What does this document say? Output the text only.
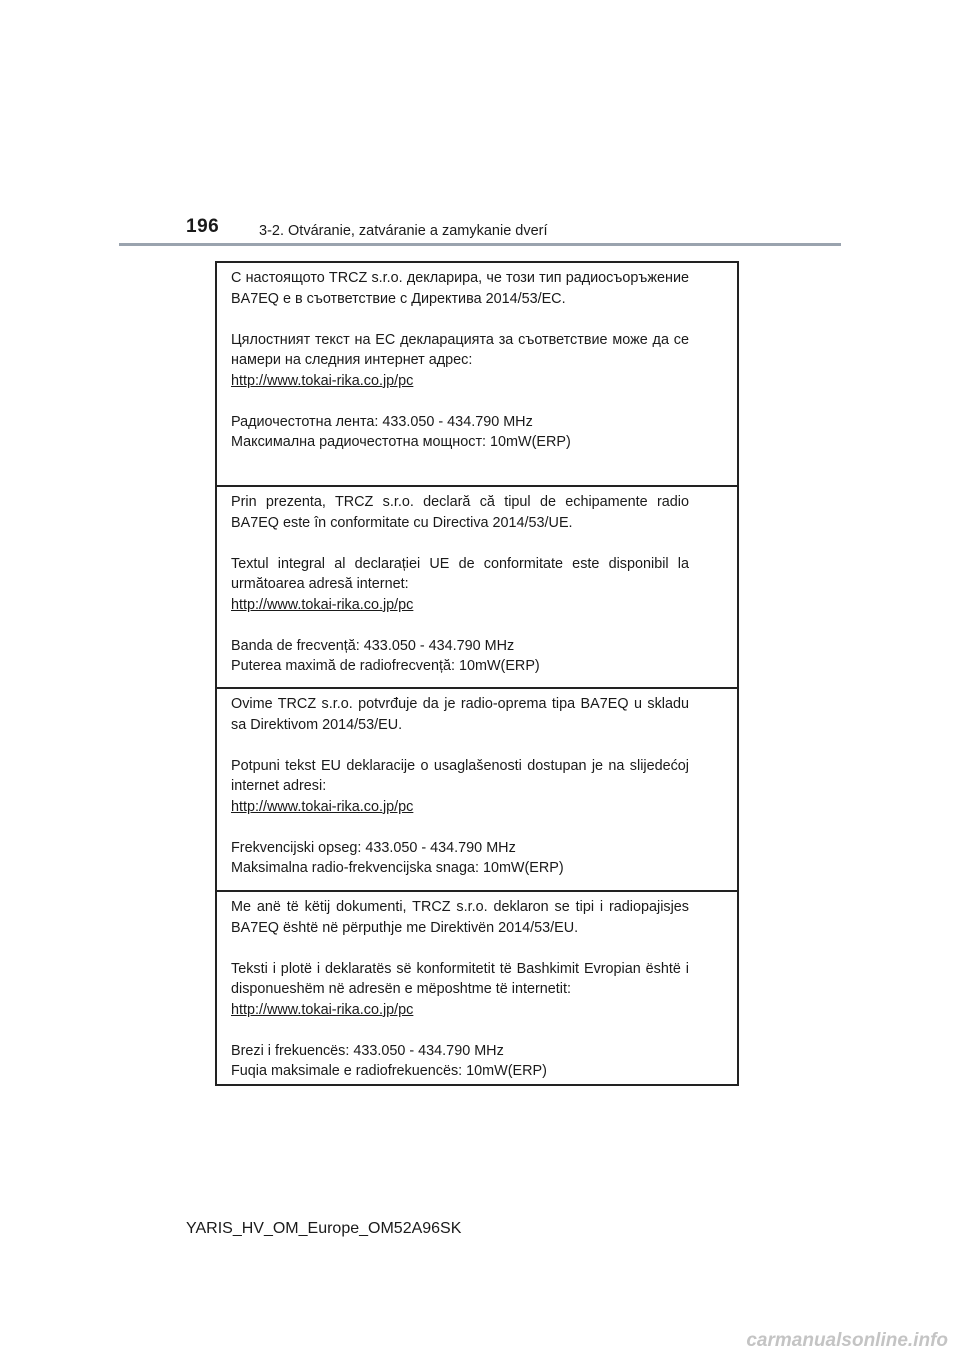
196	3-2. Otváranie, zatváranie a zamykanie dverí

С настоящото TRCZ s.r.o. декларира, че този тип радиосъоръжение BA7EQ е в съответствие с Директива 2014/53/EC.

Цялостният текст на ЕС декларацията за съответствие може да се намери на следния интернет адрес:
http://www.tokai-rika.co.jp/pc

Радиочестотна лента: 433.050 - 434.790 MHz
Максимална радиочестотна мощност: 10mW(ERP)

Prin prezenta, TRCZ s.r.o. declară că tipul de echipamente radio BA7EQ este în conformitate cu Directiva 2014/53/UE.

Textul integral al declarației UE de conformitate este disponibil la următoarea adresă internet:
http://www.tokai-rika.co.jp/pc

Banda de frecvență: 433.050 - 434.790 MHz
Puterea maximă de radiofrecvență: 10mW(ERP)

Ovime TRCZ s.r.o. potvrđuje da je radio-oprema tipa BA7EQ u skladu sa Direktivom 2014/53/EU.

Potpuni tekst EU deklaracije o usaglašenosti dostupan je na slijedećoj internet adresi:
http://www.tokai-rika.co.jp/pc

Frekvencijski opseg: 433.050 - 434.790 MHz
Maksimalna radio-frekvencijska snaga: 10mW(ERP)

Me anë të këtij dokumenti, TRCZ s.r.o. deklaron se tipi i radiopajisjes BA7EQ është në përputhje me Direktivën 2014/53/EU.

Teksti i plotë i deklaratës së konformitetit të Bashkimit Evropian është i disponueshëm në adresën e mëposhtme të internetit:
http://www.tokai-rika.co.jp/pc

Brezi i frekuencës: 433.050 - 434.790 MHz
Fuqia maksimale e radiofrekuencës: 10mW(ERP)

YARIS_HV_OM_Europe_OM52A96SK
carmanualsonline.info
